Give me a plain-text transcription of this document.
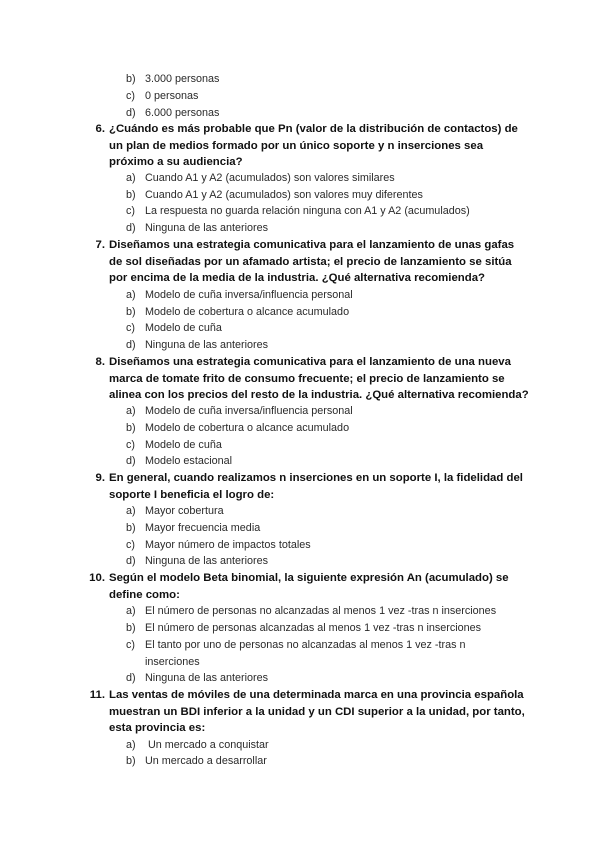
b) 3.000 personas
c) 0 personas
d) 6.000 personas
6. ¿Cuándo es más probable que Pn (valor de la distribución de contactos) de un plan de medios formado por un único soporte y n inserciones sea próximo a su audiencia?
a) Cuando A1 y A2 (acumulados) son valores similares
b) Cuando A1 y A2 (acumulados) son valores muy diferentes
c) La respuesta no guarda relación ninguna con A1 y A2 (acumulados)
d) Ninguna de las anteriores
7. Diseñamos una estrategia comunicativa para el lanzamiento de unas gafas de sol diseñadas por un afamado artista; el precio de lanzamiento se sitúa por encima de la media de la industria. ¿Qué alternativa recomienda?
a) Modelo de cuña inversa/influencia personal
b) Modelo de cobertura o alcance acumulado
c) Modelo de cuña
d) Ninguna de las anteriores
8. Diseñamos una estrategia comunicativa para el lanzamiento de una nueva marca de tomate frito de consumo frecuente; el precio de lanzamiento se alinea con los precios del resto de la industria. ¿Qué alternativa recomienda?
a) Modelo de cuña inversa/influencia personal
b) Modelo de cobertura o alcance acumulado
c) Modelo de cuña
d) Modelo estacional
9. En general, cuando realizamos n inserciones en un soporte I, la fidelidad del soporte I beneficia el logro de:
a) Mayor cobertura
b) Mayor frecuencia media
c) Mayor número de impactos totales
d) Ninguna de las anteriores
10. Según el modelo Beta binomial, la siguiente expresión An (acumulado) se define como:
a) El número de personas no alcanzadas al menos 1 vez -tras n inserciones
b) El número de personas alcanzadas al menos 1 vez -tras n inserciones
c) El tanto por uno de personas no alcanzadas al menos 1 vez -tras n
inserciones
d) Ninguna de las anteriores
11. Las ventas de móviles de una determinada marca en una provincia española muestran un BDI inferior a la unidad y un CDI superior a la unidad, por tanto, esta provincia es:
a) Un mercado a conquistar
b) Un mercado a desarrollar
